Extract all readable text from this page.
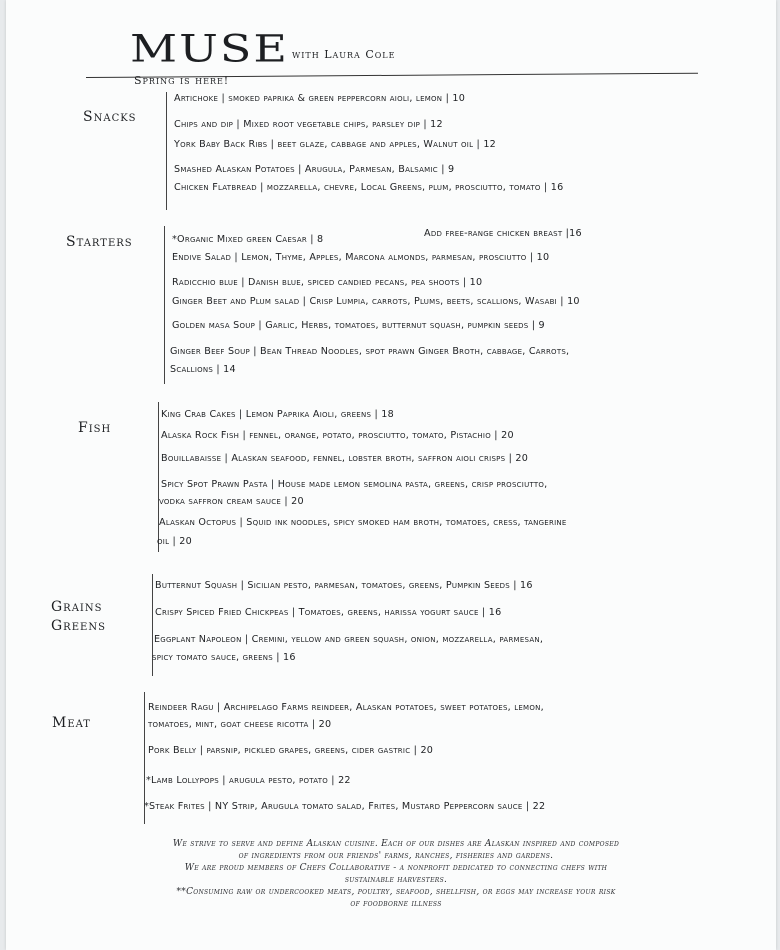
MUSE with Laura Cole
Spring is here!
Snacks
Artichoke | smoked paprika & green peppercorn aioli, lemon | 10
Chips and dip | Mixed root vegetable chips, parsley dip | 12
York Baby Back Ribs | beet glaze, cabbage and apples, Walnut oil | 12
Smashed Alaskan Potatoes | Arugula, Parmesan, Balsamic | 9
Chicken Flatbread | mozzarella, chevre, Local Greens, plum, prosciutto, tomato | 16
Starters	*Organic Mixed green Caesar | 8
Add free-range chicken breast |16
Endive Salad | Lemon, Thyme, Apples, Marcona almonds, parmesan, prosciutto | 10
Radicchio blue | Danish blue, spiced candied pecans, pea shoots | 10
Ginger Beet and Plum salad | Crisp Lumpia, carrots, Plums, beets, scallions, Wasabi | 10
Golden masa Soup | Garlic, Herbs, tomatoes, butternut squash, pumpkin seeds | 9
Ginger Beef Soup | Bean Thread Noodles, spot prawn Ginger Broth, cabbage, Carrots,
Scallions | 14
Fish
King Crab Cakes | Lemon Paprika Aioli, greens | 18
Alaska Rock Fish | fennel, orange, potato, prosciutto, tomato, Pistachio | 20
Bouillabaisse | Alaskan seafood, fennel, lobster broth, saffron aioli crisps | 20
Spicy Spot Prawn Pasta | House made lemon semolina pasta, greens, crisp prosciutto,
vodka saffron cream sauce | 20
Alaskan Octopus | Squid ink noodles, spicy smoked ham broth, tomatoes, cress, tangerine
oil | 20
Grains
Greens
Butternut Squash | Sicilian pesto, parmesan, tomatoes, greens, Pumpkin Seeds | 16
Crispy Spiced Fried Chickpeas | Tomatoes, greens, harissa yogurt sauce | 16
Eggplant Napoleon | Cremini, yellow and green squash, onion, mozzarella, parmesan,
spicy tomato sauce, greens | 16
Meat
Reindeer Ragu | Archipelago Farms reindeer, Alaskan potatoes, sweet potatoes, lemon,
tomatoes, mint, goat cheese ricotta | 20
Pork Belly | parsnip, pickled grapes, greens, cider gastric | 20
*Lamb Lollypops | arugula pesto, potato | 22
*Steak Frites | NY Strip, Arugula tomato salad, Frites, Mustard Peppercorn sauce | 22
We strive to serve and define Alaskan cuisine. Each of our dishes are Alaskan inspired and composed
of ingredients from our friends' farms, ranches, fisheries and gardens.
We are proud members of Chefs Collaborative - a nonprofit dedicated to connecting chefs with
sustainable harvesters.
**Consuming raw or undercooked meats, poultry, seafood, shellfish, or eggs may increase your risk
of foodborne illness
